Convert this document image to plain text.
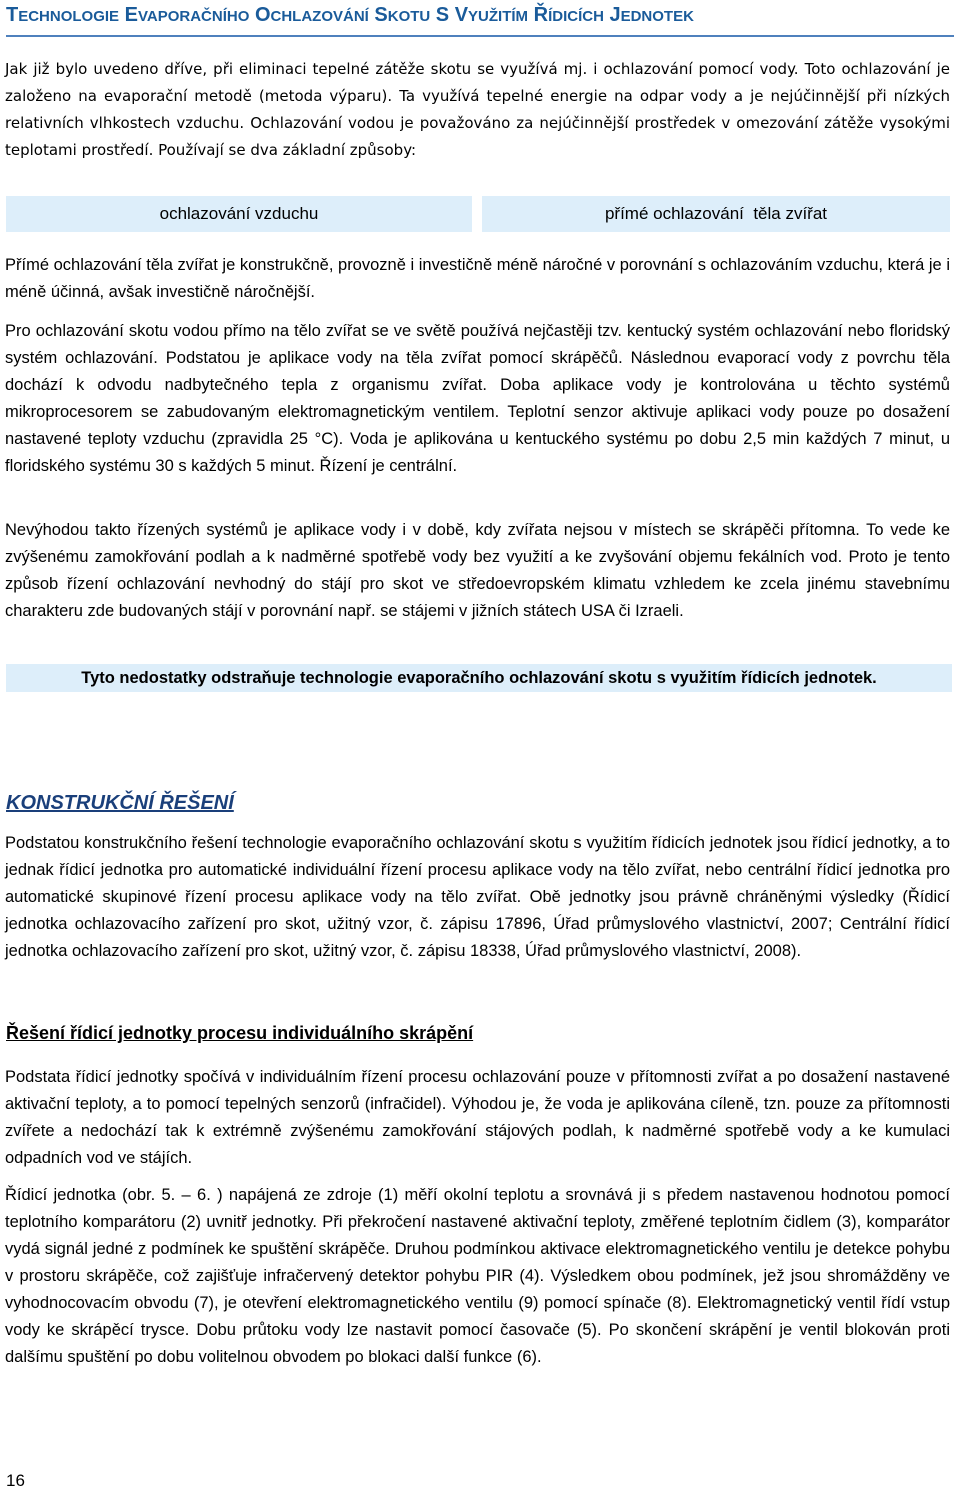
TECHNOLOGIE EVAPORAČNÍHO OCHLAZOVÁNÍ SKOTU S VYUŽITÍM ŘÍDICÍCH JEDNOTEK

Jak již bylo uvedeno dříve, při eliminaci tepelné zátěže skotu se využívá mj. i ochlazování pomocí vody. Toto ochlazování je založeno na evaporační metodě (metoda výparu). Ta využívá tepelné energie na odpar vody a je nejúčinnější při nízkých relativních vlhkostech vzduchu. Ochlazování vodou je považováno za nejúčinnější prostředek v omezování zátěže vysokými teplotami prostředí. Používají se dva základní způsoby:

ochlazování vzduchu	přímé ochlazování  těla zvířat

Přímé ochlazování těla zvířat je konstrukčně, provozně i investičně méně náročné v porovnání s ochlazováním vzduchu, která je i méně účinná, avšak investičně náročnější.

Pro ochlazování skotu vodou přímo na tělo zvířat se ve světě používá nejčastěji tzv. kentucký systém ochlazování nebo floridský systém ochlazování. Podstatou je aplikace vody na těla zvířat pomocí skrápěčů. Následnou evaporací vody z povrchu těla dochází k odvodu nadbytečného tepla z organismu zvířat. Doba aplikace vody je kontrolována u těchto systémů mikroprocesorem se zabudovaným elektromagnetickým ventilem. Teplotní senzor aktivuje aplikaci vody pouze po dosažení nastavené teploty vzduchu (zpravidla 25 °C). Voda je aplikována u kentuckého systému po dobu 2,5 min každých 7 minut, u floridského systému 30 s každých 5 minut. Řízení je centrální.

Nevýhodou takto řízených systémů je aplikace vody i v době, kdy zvířata nejsou v místech se skrápěči přítomna. To vede ke zvýšenému zamokřování podlah a k nadměrné spotřebě vody bez využití a ke zvyšování objemu fekálních vod. Proto je tento způsob řízení ochlazování nevhodný do stájí pro skot ve středoevropském klimatu vzhledem ke zcela jinému stavebnímu charakteru zde budovaných stájí v porovnání např. se stájemi v jižních státech USA či Izraeli.

Tyto nedostatky odstraňuje technologie evaporačního ochlazování skotu s využitím řídicích jednotek.
KONSTRUKČNÍ ŘEŠENÍ

Podstatou konstrukčního řešení technologie evaporačního ochlazování skotu s využitím řídicích jednotek jsou řídicí jednotky, a to jednak řídicí jednotka pro automatické individuální řízení procesu aplikace vody na tělo zvířat, nebo centrální řídicí jednotka pro automatické skupinové řízení procesu aplikace vody na tělo zvířat. Obě jednotky jsou právně chráněnými výsledky (Řídicí jednotka ochlazovacího zařízení pro skot, užitný vzor, č. zápisu 17896, Úřad průmyslového vlastnictví, 2007; Centrální řídicí jednotka ochlazovacího zařízení pro skot, užitný vzor, č. zápisu 18338, Úřad průmyslového vlastnictví, 2008).

Řešení řídicí jednotky procesu individuálního skrápění

Podstata řídicí jednotky spočívá v individuálním řízení procesu ochlazování pouze v přítomnosti zvířat a po dosažení nastavené aktivační teploty, a to pomocí tepelných senzorů (infračidel). Výhodou je, že voda je aplikována cíleně, tzn. pouze za přítomnosti zvířete a nedochází tak k extrémně zvýšenému zamokřování stájových podlah, k nadměrné spotřebě vody a ke kumulaci odpadních vod ve stájích.

Řídicí jednotka (obr. 5. – 6. ) napájená ze zdroje (1) měří okolní teplotu a srovnává ji s předem nastavenou hodnotou pomocí teplotního komparátoru (2) uvnitř jednotky. Při překročení nastavené aktivační teploty, změřené teplotním čidlem (3), komparátor vydá signál jedné z podmínek ke spuštění skrápěče. Druhou podmínkou aktivace elektromagnetického ventilu je detekce pohybu v prostoru skrápěče, což zajišťuje infračervený detektor pohybu PIR (4). Výsledkem obou podmínek, jež jsou shromážděny ve vyhodnocovacím obvodu (7), je otevření elektromagnetického ventilu (9) pomocí spínače (8). Elektromagnetický ventil řídí vstup vody ke skrápěcí trysce. Dobu průtoku vody lze nastavit pomocí časovače (5). Po skončení skrápění je ventil blokován proti dalšímu spuštění po dobu volitelnou obvodem po blokaci další funkce (6).

16
